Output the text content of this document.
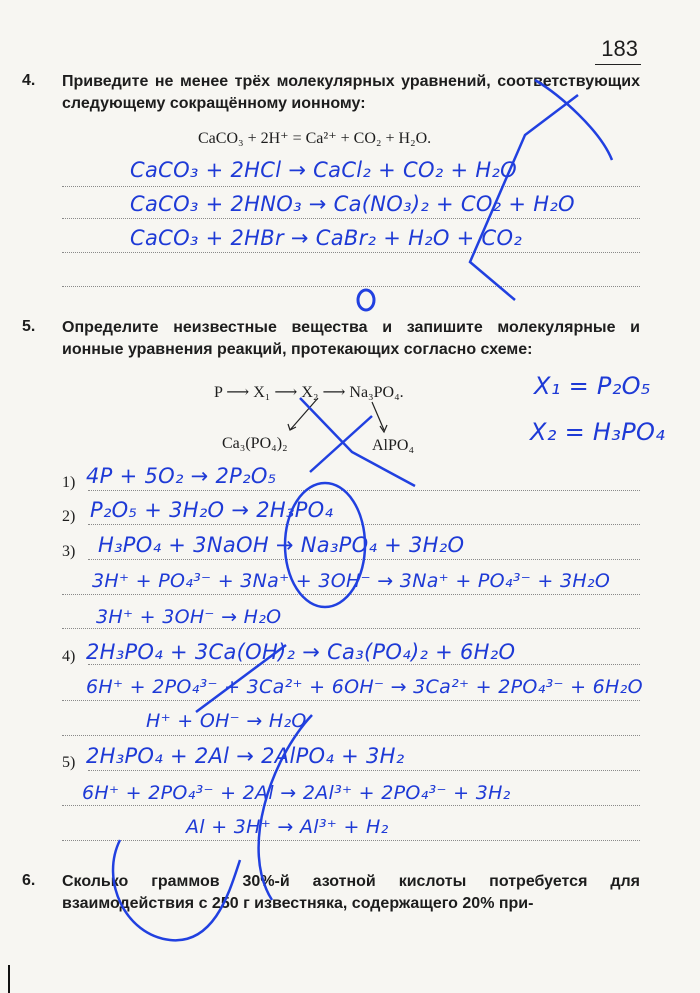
183
4. Приведите не менее трёх молекулярных уравнений, соответствующих следующему сокращённому ионному:
CaCO₃ + 2H⁺ = Ca²⁺ + CO₂ + H₂O.
CaCO₃ + 2HCl → CaCl₂ + CO₂ + H₂O
CaCO₃ + 2HNO₃ → Ca(NO₃)₂ + CO₂ + H₂O
CaCO₃ + 2HBr → CaBr₂ + H₂O + CO₂
5. Определите неизвестные вещества и запишите молекулярные и ионные уравнения реакций, протекающих согласно схеме:
P ⟶ X₁ ⟶ X₂ ⟶ Na₃PO₄.
Ca₃(PO₄)₂	AlPO₄
X₁ = P₂O₅
X₂ = H₃PO₄
1)
2)
3)
4)
5)
4P + 5O₂ → 2P₂O₅
P₂O₅ + 3H₂O → 2H₃PO₄
H₃PO₄ + 3NaOH → Na₃PO₄ + 3H₂O
3H⁺ + PO₄³⁻ + 3Na⁺ + 3OH⁻ → 3Na⁺ + PO₄³⁻ + 3H₂O
3H⁺ + 3OH⁻ → H₂O
2H₃PO₄ + 3Ca(OH)₂ → Ca₃(PO₄)₂ + 6H₂O
6H⁺ + 2PO₄³⁻ + 3Ca²⁺ + 6OH⁻ → 3Ca²⁺ + 2PO₄³⁻ + 6H₂O
H⁺ + OH⁻ → H₂O
2H₃PO₄ + 2Al → 2AlPO₄ + 3H₂
6H⁺ + 2PO₄³⁻ + 2Al → 2Al³⁺ + 2PO₄³⁻ + 3H₂
Al + 3H⁺ → Al³⁺ + H₂
6. Сколько граммов 30%-й азотной кислоты потребуется для взаимодействия с 250 г известняка, содержащего 20% при-
